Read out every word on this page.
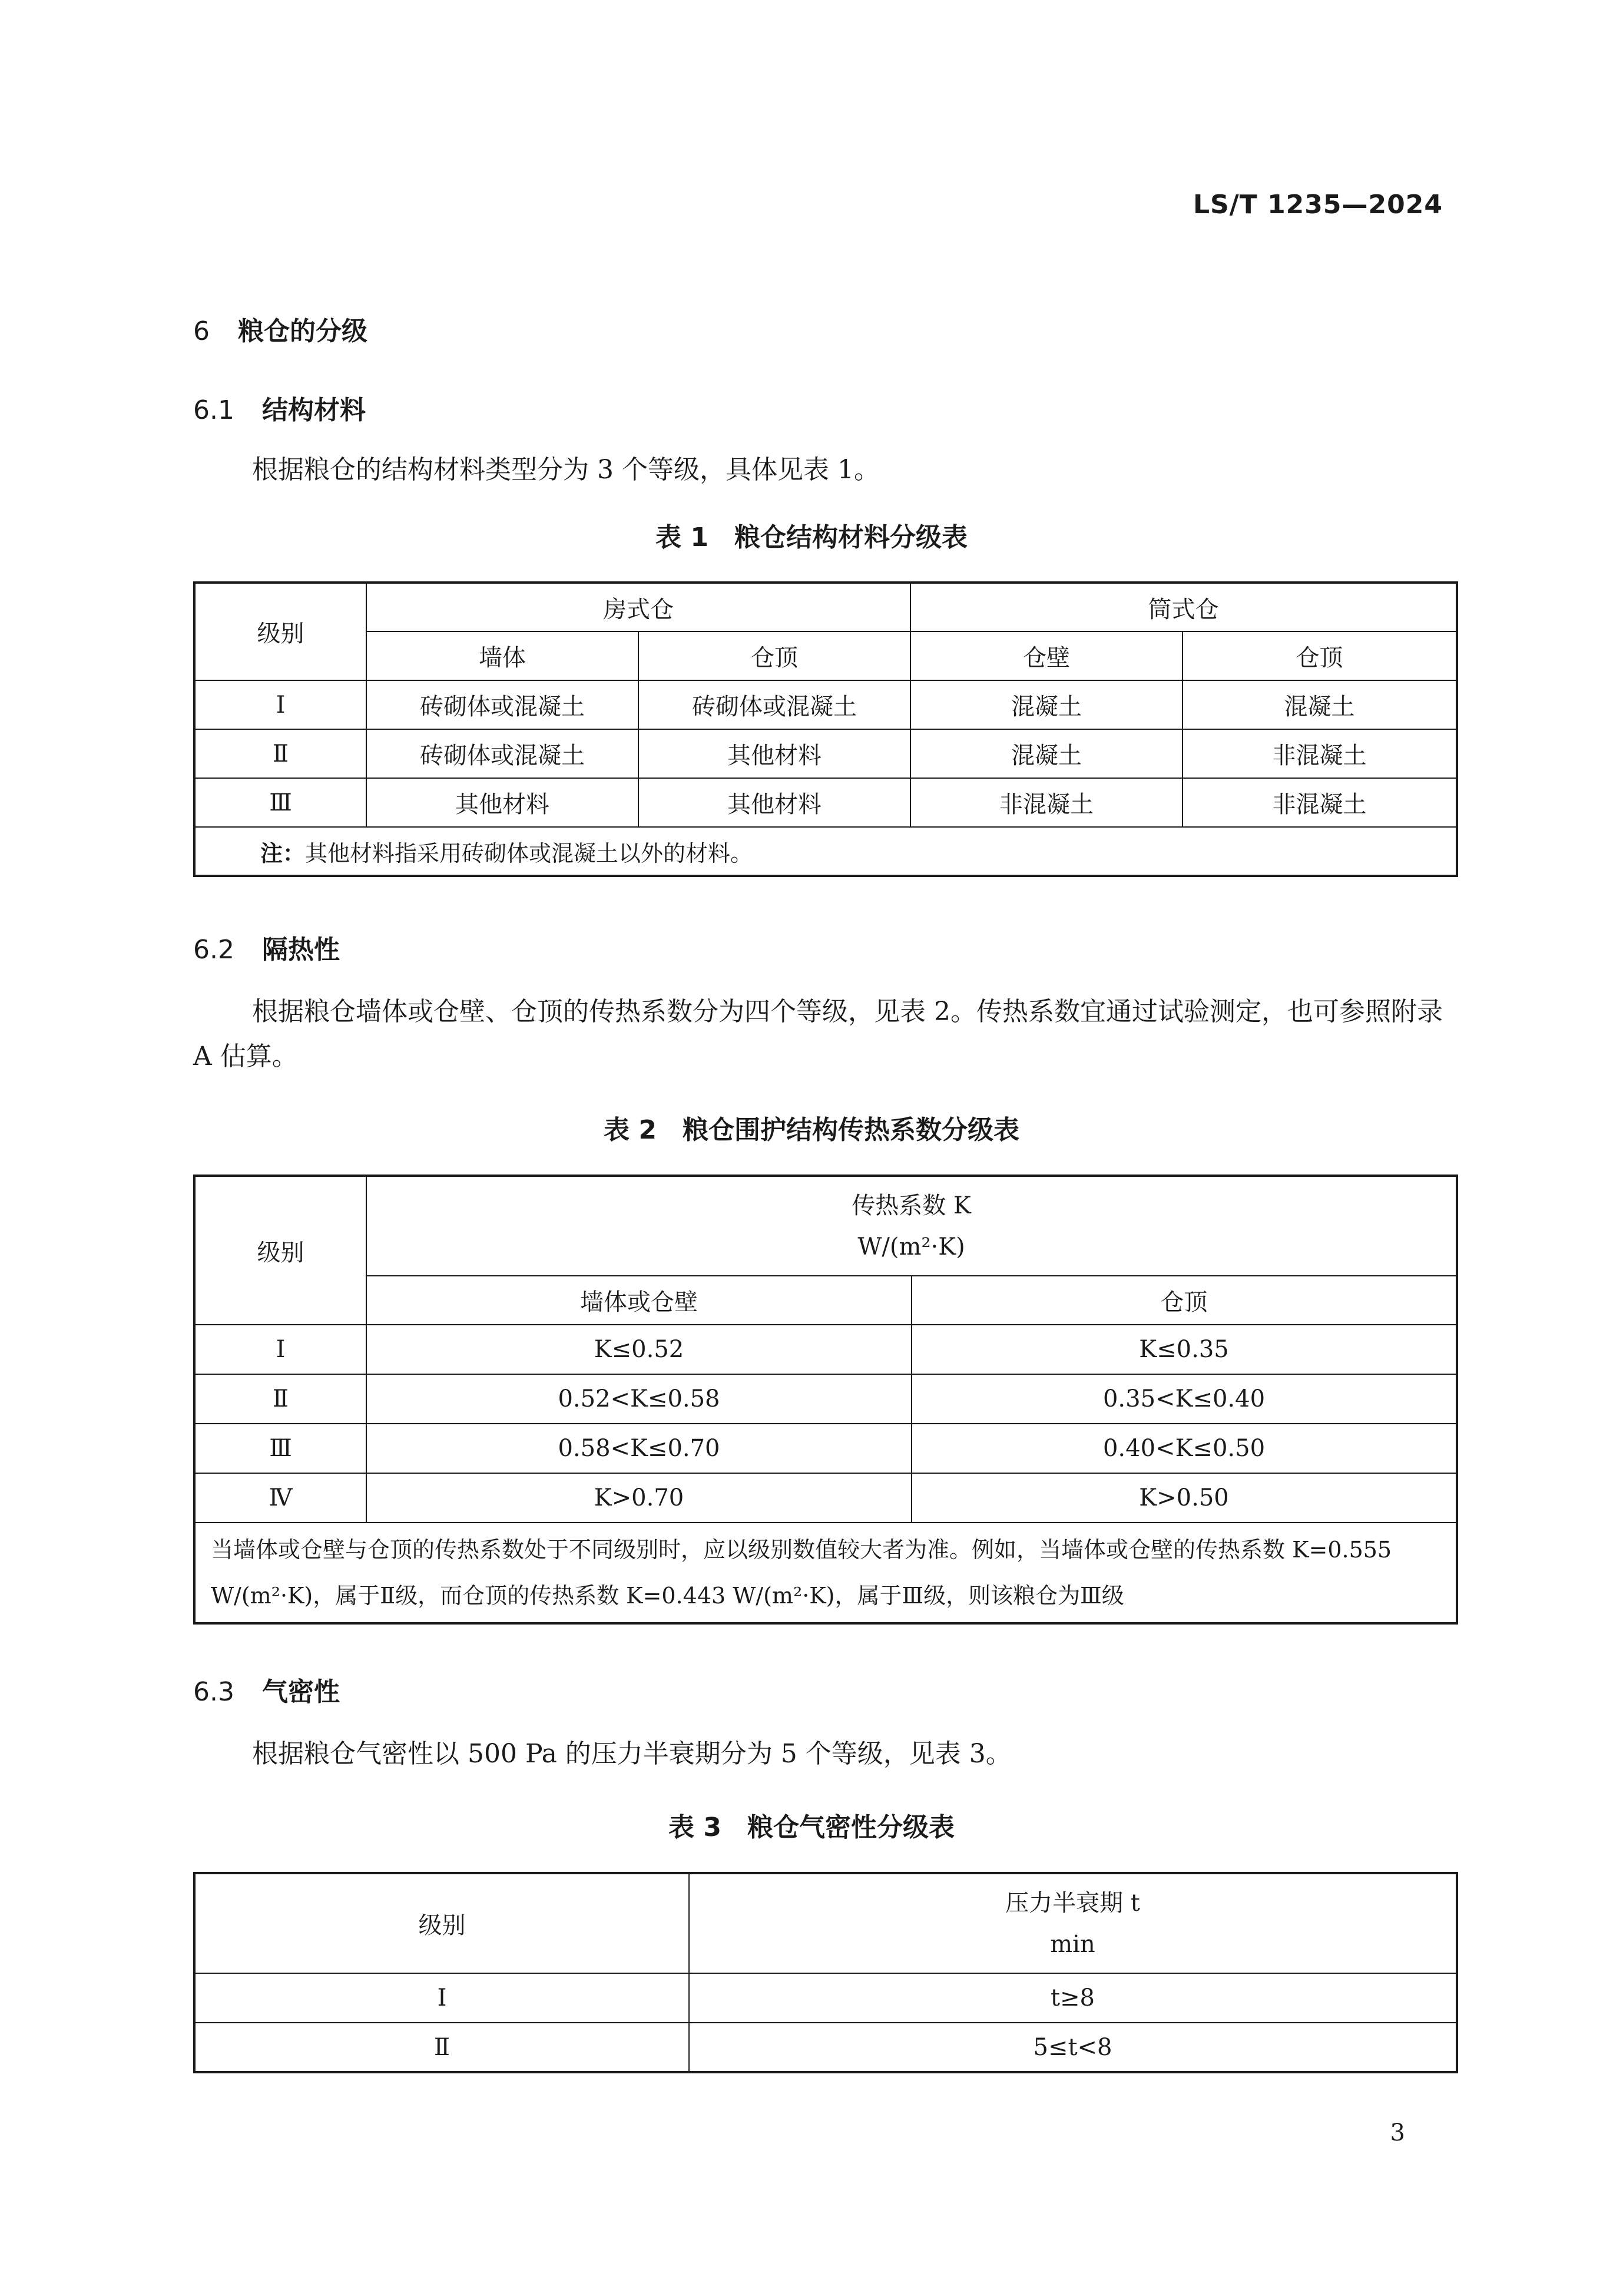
LS/T 1235—2024
6 粮仓的分级
6.1 结构材料
根据粮仓的结构材料类型分为 3 个等级，具体见表 1。
表 1 粮仓结构材料分级表
级别	房式仓		筒式仓	
	墙体	仓顶	仓壁	仓顶
Ⅰ	砖砌体或混凝土	砖砌体或混凝土	混凝土	混凝土
Ⅱ	砖砌体或混凝土	其他材料	混凝土	非混凝土
Ⅲ	其他材料	其他材料	非混凝土	非混凝土
注：其他材料指采用砖砌体或混凝土以外的材料。				
6.2 隔热性
根据粮仓墙体或仓壁、仓顶的传热系数分为四个等级，见表 2。传热系数宜通过试验测定，也可参照附录 A 估算。
表 2 粮仓围护结构传热系数分级表
级别	传热系数 K
W/(m²·K)	

	墙体或仓壁	仓顶
Ⅰ	K≤0.52	K≤0.35
Ⅱ	0.52<K≤0.58	0.35<K≤0.40
Ⅲ	0.58<K≤0.70	0.40<K≤0.50
Ⅳ	K>0.70	K>0.50
当墙体或仓壁与仓顶的传热系数处于不同级别时，应以级别数值较大者为准。例如，当墙体或仓壁的传热系数 K=0.555 W/(m²·K)，属于Ⅱ级，而仓顶的传热系数 K=0.443 W/(m²·K)，属于Ⅲ级，则该粮仓为Ⅲ级		
6.3 气密性
根据粮仓气密性以 500 Pa 的压力半衰期分为 5 个等级，见表 3。
表 3 粮仓气密性分级表
级别	压力半衰期 t
min

Ⅰ	t≥8
Ⅱ	5≤t<8
3
